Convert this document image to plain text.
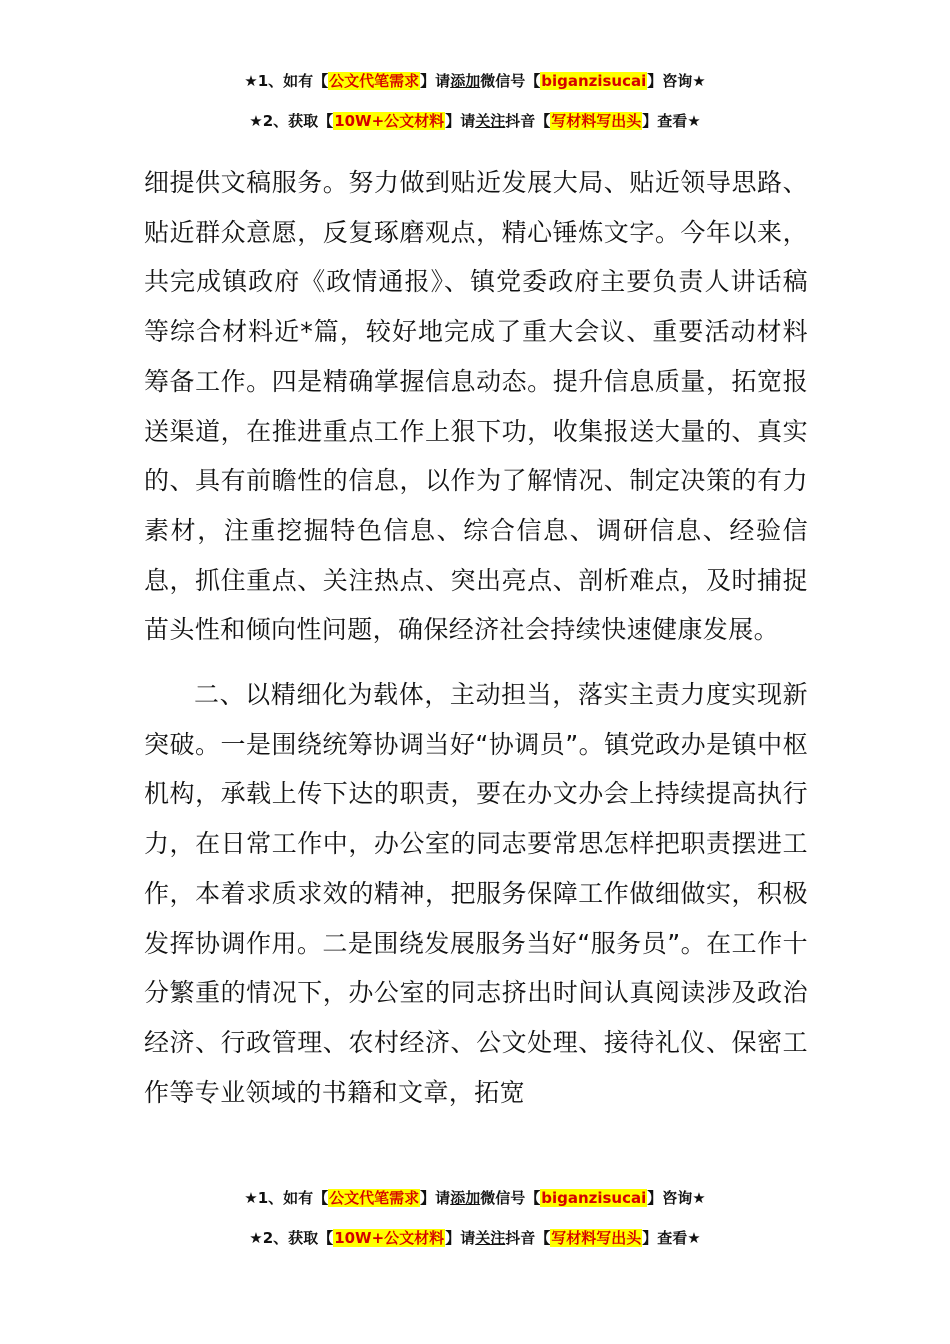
★1、如有【公文代笔需求】请添加微信号【biganzisucai】咨询★
★2、获取【10W+公文材料】请关注抖音【写材料写出头】查看★

细提供文稿服务。努力做到贴近发展大局、贴近领导思路、贴近群众意愿，反复琢磨观点，精心锤炼文字。今年以来，共完成镇政府《政情通报》、镇党委政府主要负责人讲话稿等综合材料近*篇，较好地完成了重大会议、重要活动材料筹备工作。四是精确掌握信息动态。提升信息质量，拓宽报送渠道，在推进重点工作上狠下功，收集报送大量的、真实的、具有前瞻性的信息，以作为了解情况、制定决策的有力素材，注重挖掘特色信息、综合信息、调研信息、经验信息，抓住重点、关注热点、突出亮点、剖析难点，及时捕捉苗头性和倾向性问题，确保经济社会持续快速健康发展。

二、以精细化为载体，主动担当，落实主责力度实现新突破。一是围绕统筹协调当好“协调员”。镇党政办是镇中枢机构，承载上传下达的职责，要在办文办会上持续提高执行力，在日常工作中，办公室的同志要常思怎样把职责摆进工作，本着求质求效的精神，把服务保障工作做细做实，积极发挥协调作用。二是围绕发展服务当好“服务员”。在工作十分繁重的情况下，办公室的同志挤出时间认真阅读涉及政治经济、行政管理、农村经济、公文处理、接待礼仪、保密工作等专业领域的书籍和文章，拓宽

★1、如有【公文代笔需求】请添加微信号【biganzisucai】咨询★
★2、获取【10W+公文材料】请关注抖音【写材料写出头】查看★
